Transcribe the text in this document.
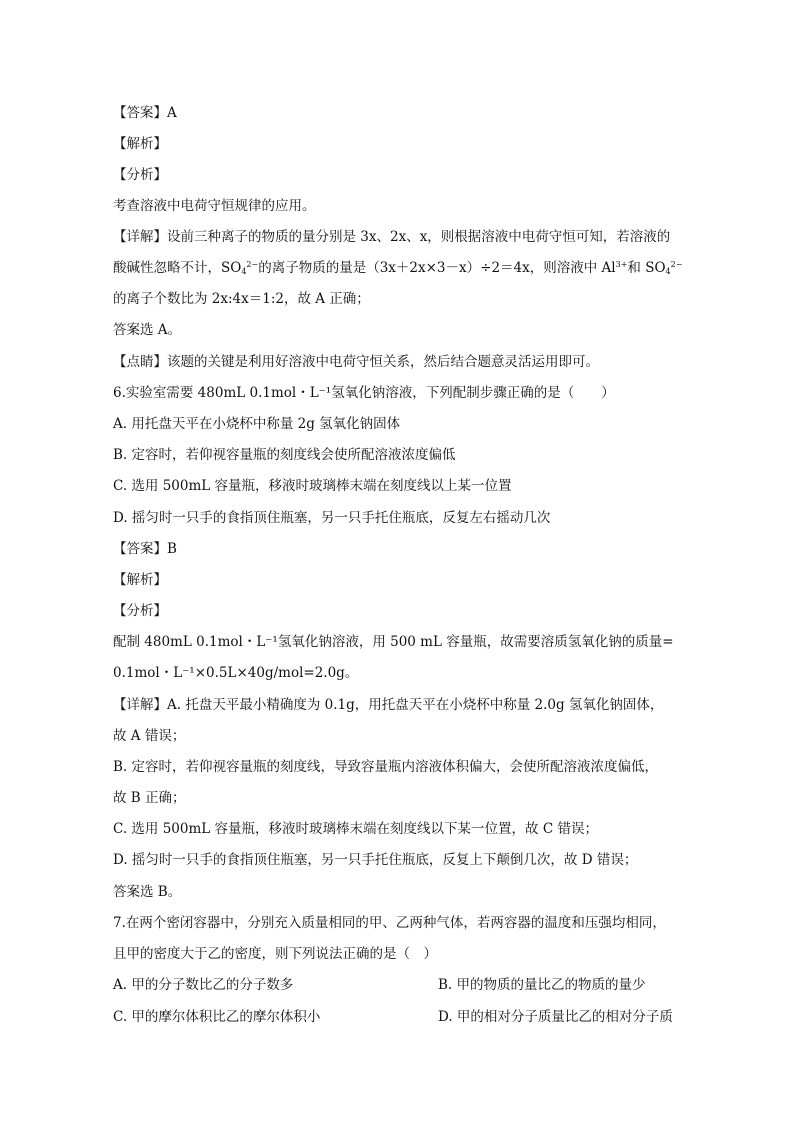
【答案】A
【解析】
【分析】
考查溶液中电荷守恒规律的应用。
【详解】设前三种离子的物质的量分别是 3x、2x、x，则根据溶液中电荷守恒可知，若溶液的
酸碱性忽略不计，$SO_4^{2-}$的离子物质的量是（3x＋2x×3－x）÷2＝4x，则溶液中 $Al^{3+}$和 $SO_4^{2-}$
的离子个数比为 2x:4x＝1:2，故 A 正确；
答案选 A。
【点睛】该题的关键是利用好溶液中电荷守恒关系，然后结合题意灵活运用即可。
6.实验室需要 480mL 0.1mol・L⁻¹氢氧化钠溶液，下列配制步骤正确的是（　　）
A. 用托盘天平在小烧杯中称量 2g 氢氧化钠固体
B. 定容时，若仰视容量瓶的刻度线会使所配溶液浓度偏低
C. 选用 500mL 容量瓶，移液时玻璃棒末端在刻度线以上某一位置
D. 摇匀时一只手的食指顶住瓶塞，另一只手托住瓶底，反复左右摇动几次
【答案】B
【解析】
【分析】
配制 480mL 0.1mol・L⁻¹氢氧化钠溶液，用 500 mL 容量瓶，故需要溶质氢氧化钠的质量=
0.1mol・L⁻¹×0.5L×40g/mol=2.0g。
【详解】A. 托盘天平最小精确度为 0.1g，用托盘天平在小烧杯中称量 2.0g 氢氧化钠固体，
故 A 错误；
B. 定容时，若仰视容量瓶的刻度线，导致容量瓶内溶液体积偏大，会使所配溶液浓度偏低，
故 B 正确；
C. 选用 500mL 容量瓶，移液时玻璃棒末端在刻度线以下某一位置，故 C 错误；
D. 摇匀时一只手的食指顶住瓶塞，另一只手托住瓶底，反复上下颠倒几次，故 D 错误；
答案选 B。
7.在两个密闭容器中，分别充入质量相同的甲、乙两种气体，若两容器的温度和压强均相同，
且甲的密度大于乙的密度，则下列说法正确的是（　）
A. 甲的分子数比乙的分子数多	B. 甲的物质的量比乙的物质的量少
C. 甲的摩尔体积比乙的摩尔体积小	D. 甲的相对分子质量比乙的相对分子质
